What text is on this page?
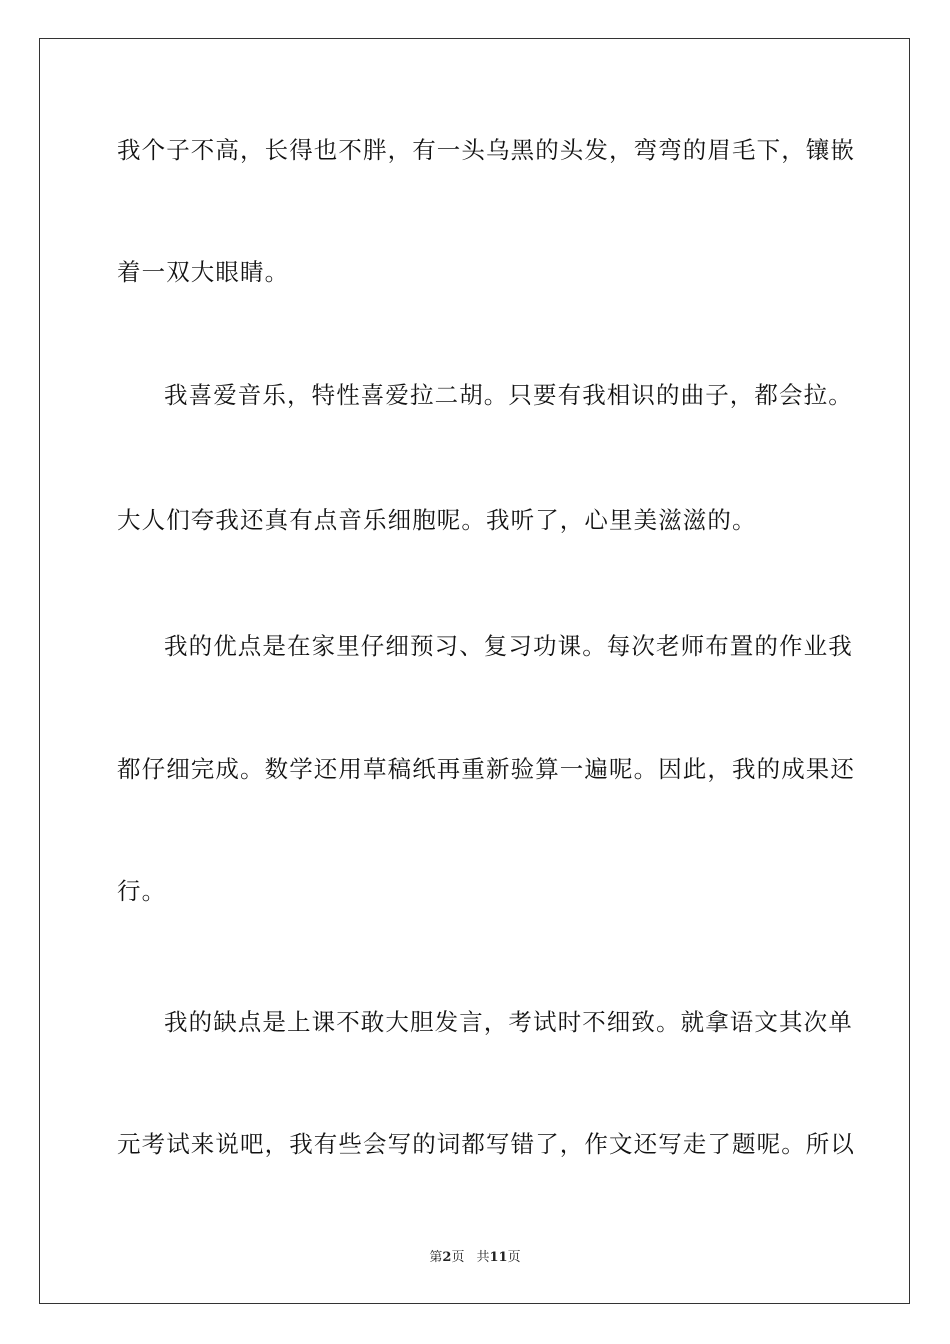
我个子不高，长得也不胖，有一头乌黑的头发，弯弯的眉毛下，镶嵌
着一双大眼睛。
我喜爱音乐，特性喜爱拉二胡。只要有我相识的曲子，都会拉。
大人们夸我还真有点音乐细胞呢。我听了，心里美滋滋的。
我的优点是在家里仔细预习、复习功课。每次老师布置的作业我
都仔细完成。数学还用草稿纸再重新验算一遍呢。因此，我的成果还
行。
我的缺点是上课不敢大胆发言，考试时不细致。就拿语文其次单
元考试来说吧，我有些会写的词都写错了，作文还写走了题呢。所以
第2页 共11页
